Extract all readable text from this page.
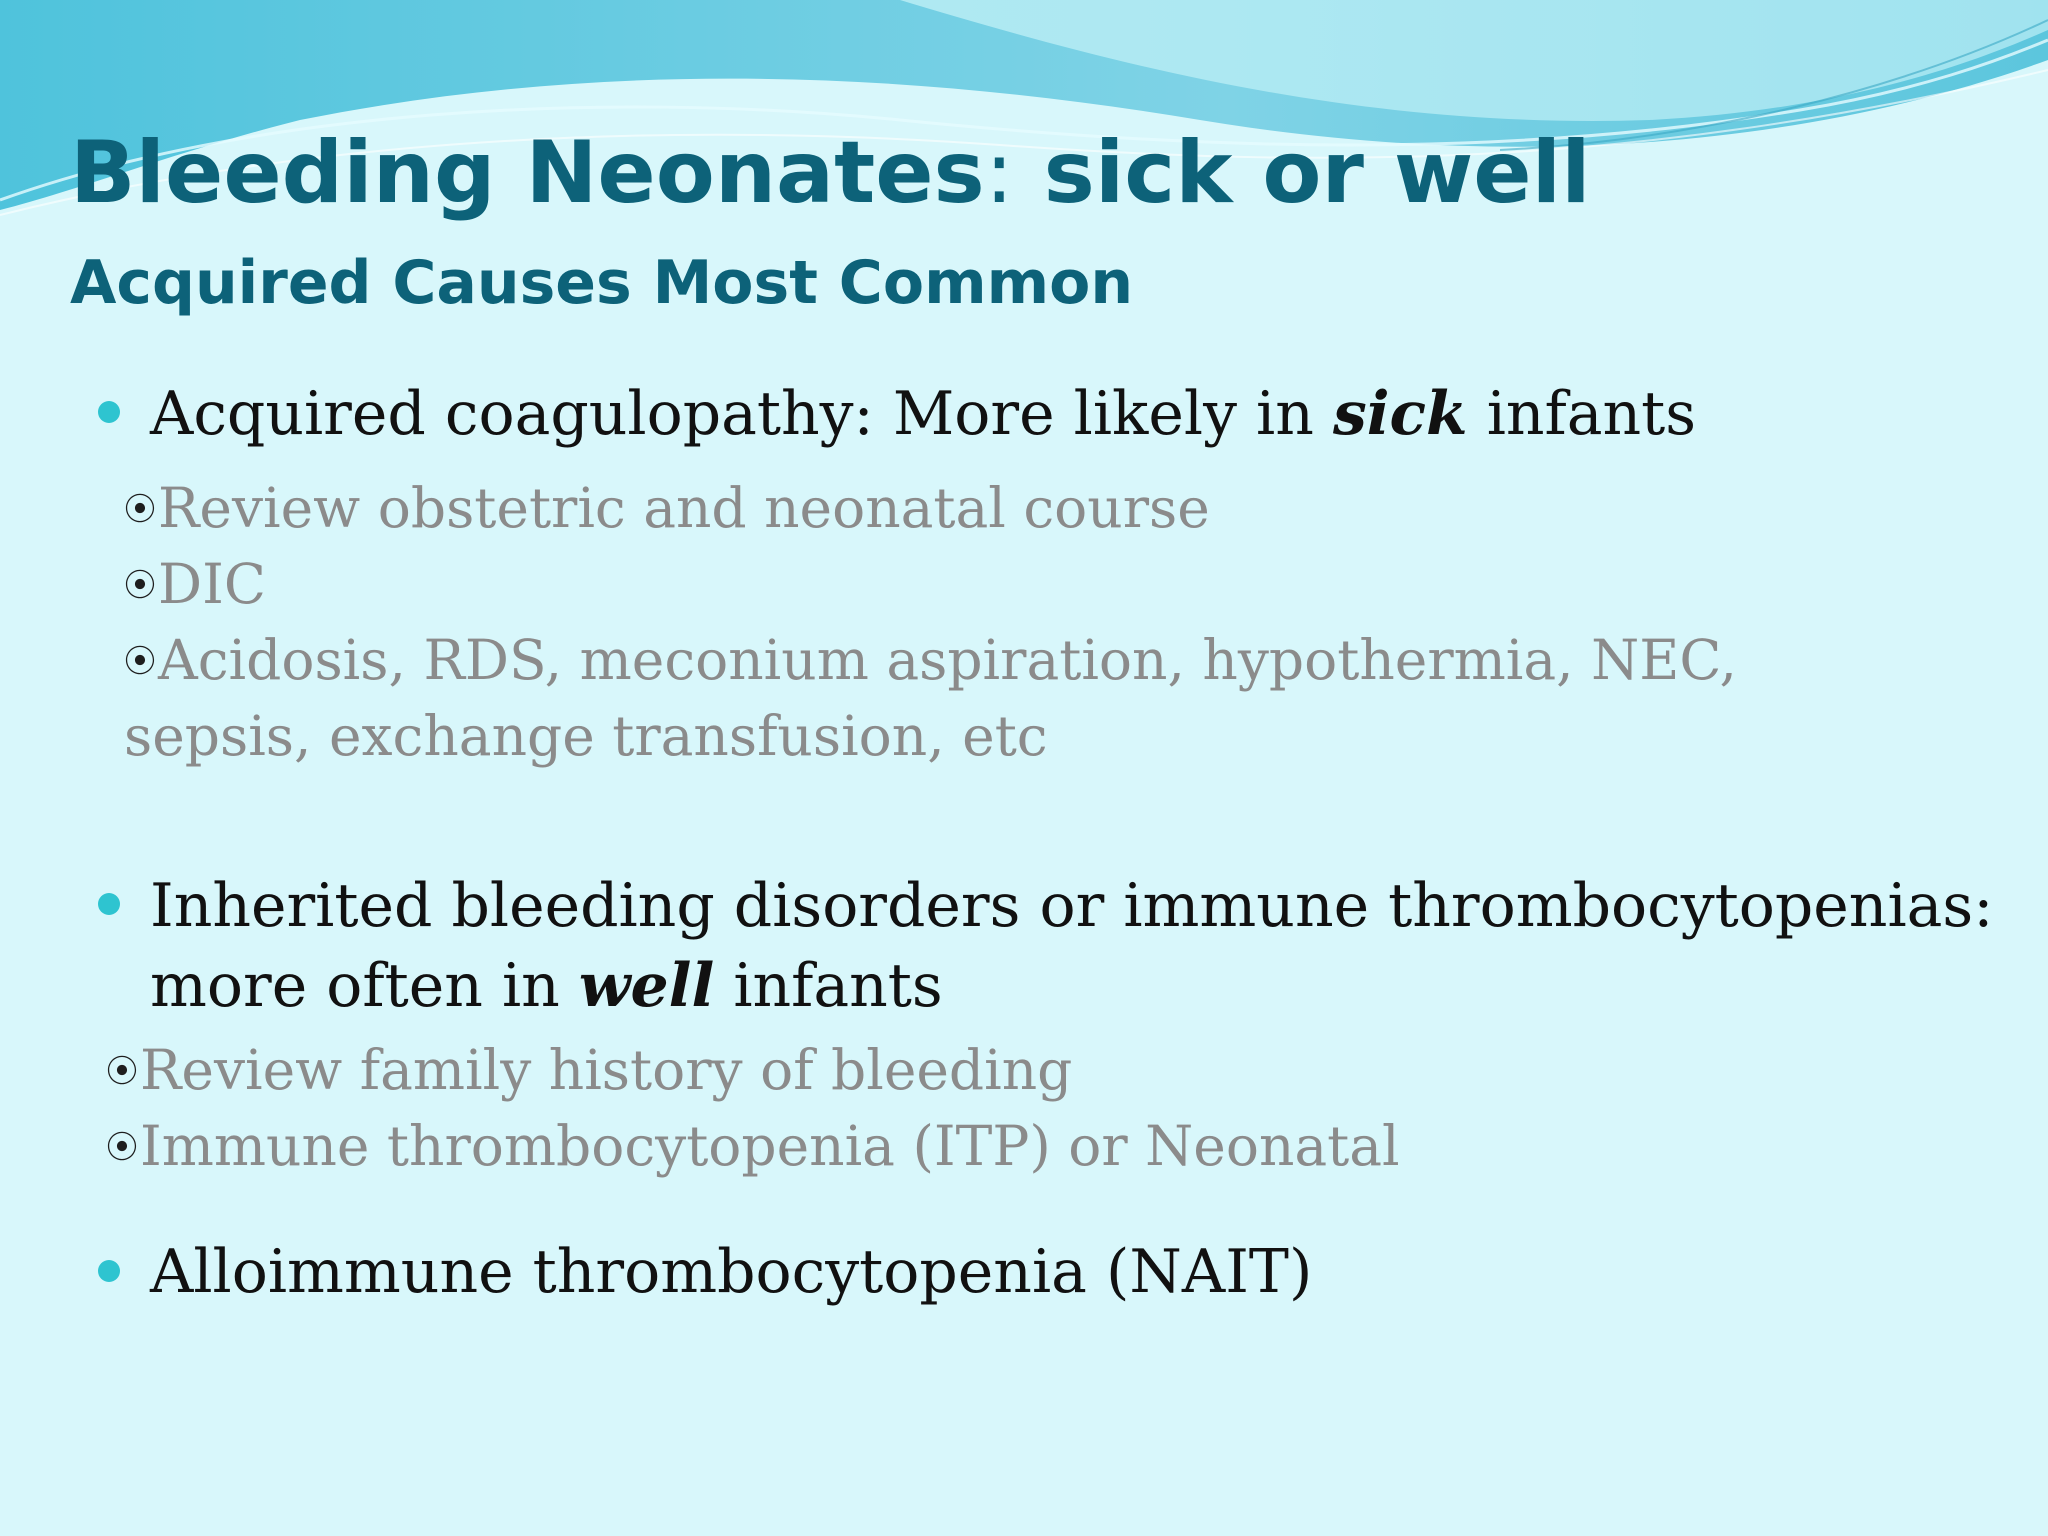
Bleeding Neonates: sick or well
Acquired Causes Most Common

Acquired coagulopathy: More likely in sick infants

⦿Review obstetric and neonatal course

⦿DIC

⦿Acidosis, RDS, meconium aspiration, hypothermia, NEC,

sepsis, exchange transfusion, etc

Inherited bleeding disorders or immune thrombocytopenias:

more often in well infants

⦿Review family history of bleeding

⦿Immune thrombocytopenia (ITP) or Neonatal

Alloimmune thrombocytopenia (NAIT)
